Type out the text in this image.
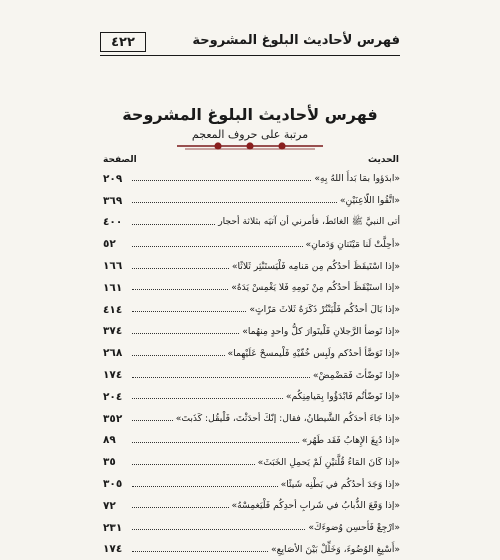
٤٢٢	فهرس لأحاديث البلوغ المشروحة
فهرس لأحاديث البلوغ المشروحة
مرتبة على حروف المعجم
الصفحة	الحديث
٢٠٩	«ابدَؤوا بمَا بَدأَ اللهُ بِهِ»
٣٦٩	«اتَّقُوا اللّاعِنَيْنِ»
٤٠٠	أتى النبيَّ ﷺ الغائطَ، فأمرني أن آتيَه بثلاثة أحجار
٥٢	«أحِلَّتْ لَنا مَيْتَتانِ وَدَمانِ»
١٦٦	«إذا اسْتَيقَظَ أحدُكُم مِن مَنامِه فَلْيَستَنْثِر ثَلاثًا»
١٦١	«إذا استَيْقَظَ أحدُكُم مِنْ نَومِهِ فَلا يَغْمِسْ يَدَهُ»
٤١٤	«إذا بَالَ أحدُكُم فَلْيَنْتُرْ ذَكَرَهُ ثَلاثَ مَرّاتٍ»
٣٧٤	«إذا تَوضأ الرَّجلانِ فَلْيتَوارَ كلُّ واحدٍ مِنهُما»
٢٦٨	«إذا تَوَضَّأ أحدُكم ولَبِس خُفّيْهِ فَلْيمسحْ عَلَيْهِما»
١٧٤	«إذا تَوضّأتَ فَمَضْمِضْ»
٢٠٤	«إذا تَوضّأتُم فَابْدَؤُوا بِمَيامِنِكُم»
٣٥٢	«إذا جَاءَ أحدَكُم الشَّيطانُ، فقال: إنّكَ أحدَثْتَ، فَلْيقُل: كَذَبتَ»
٨٩	«إذا دُبِغَ الإِهابُ فَقَد طَهُر»
٣٥	«إذا كَانَ المَاءُ قُلَّتيْنِ لَمْ يَحمِلِ الخَبَثَ»
٣٠٥	«إذا وَجَدَ أحدُكُم في بَطْنِه شَيئًا»
٧٢	«إذا وَقَعَ الذُّبابُ في شَرابِ أحدِكُم فَلْيَغمِسْهُ»
٢٣١	«ارْجِعْ فَأحسِن وُضوءَكَ»
١٧٤	«أَسْبِغِ الوُضُوءَ، وَخَلِّلْ بَيْنَ الأصَابِعِ»
